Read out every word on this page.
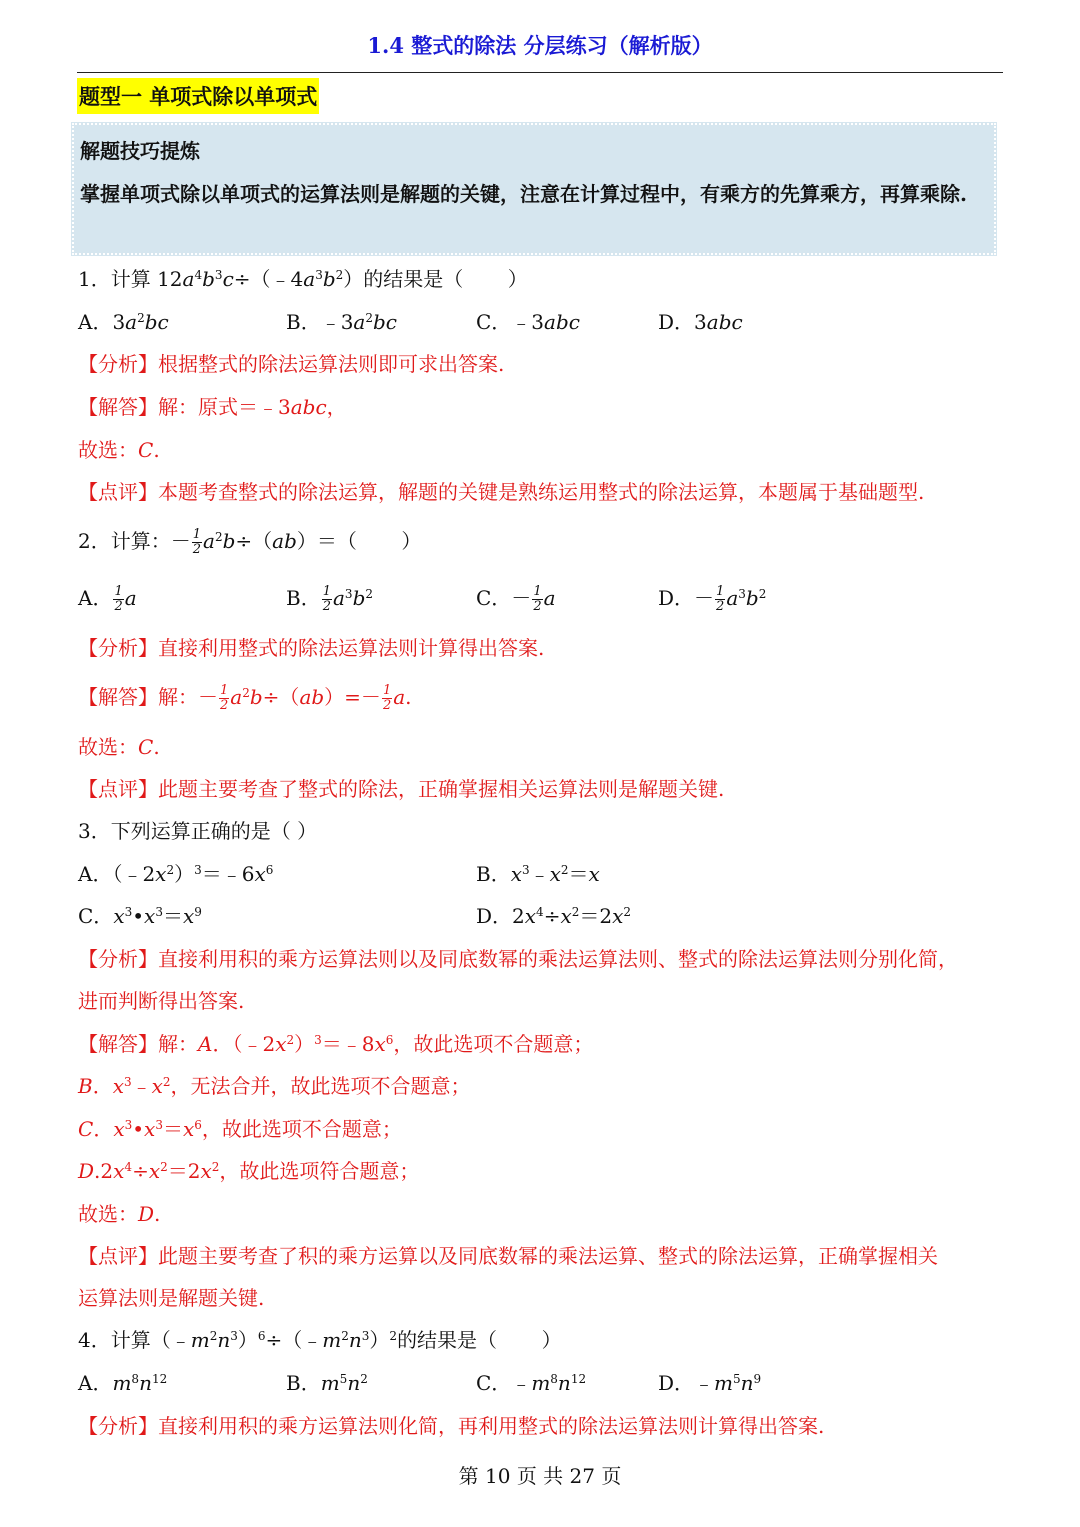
1.4 整式的除法 分层练习（解析版）
题型一 单项式除以单项式
解题技巧提炼
掌握单项式除以单项式的运算法则是解题的关键，注意在计算过程中，有乘方的先算乘方，再算乘除.
1．计算 $12a^4b^3c\div(﹣4a^3b^2)$的结果是（       ）
A．$3a^2bc$	B．$﹣3a^2bc$	C．﹣3abc	D．3abc
【分析】根据整式的除法运算法则即可求出答案.
【解答】解：原式＝﹣3abc，
故选：C.
【点评】本题考查整式的除法运算，解题的关键是熟练运用整式的除法运算，本题属于基础题型.
2．计算：－ $\frac{1}{2} a^2b\div(ab)=$（       ）
A． $\frac{1}{2}$ a	B． $\frac{1}{2} a^3b^2$	C．－ $\frac{1}{2}$ a	D．－ $\frac{1}{2} a^3b^2$
【分析】直接利用整式的除法运算法则计算得出答案.
【解答】解：－ $\frac{1}{2} a^2b\div(ab)=- \frac{1}{2} a$.
故选：C.
【点评】此题主要考查了整式的除法，正确掌握相关运算法则是解题关键.
3．下列运算正确的是（ ）
A．$(﹣2x^2)^3=﹣6x^6$	B．$x^3﹣x^2=x$
C．$x^3•x^3=x^9$	D．$2x^4\div x^2=2x^2$
【分析】直接利用积的乘方运算法则以及同底数幂的乘法运算法则、整式的除法运算法则分别化简，
进而判断得出答案.
【解答】解：A．$(﹣2x^2)^3=﹣8x^6$，故此选项不合题意；
B．$x^3﹣x^2$，无法合并，故此选项不合题意；
C．$x^3•x^3=x^6$，故此选项不合题意；
$D.2x^4\div x^2=2x^2$，故此选项符合题意；
故选：D.
【点评】此题主要考查了积的乘方运算以及同底数幂的乘法运算、整式的除法运算，正确掌握相关
运算法则是解题关键.
4．计算$(﹣m^2n^3)^6\div(﹣m^2n^3)^2$的结果是（       ）
A．$m^8n^{12}$	B．$m^5n^2$	C．$﹣m^8n^{12}$	D．$﹣m^5n^9$
【分析】直接利用积的乘方运算法则化简，再利用整式的除法运算法则计算得出答案.
第 10 页 共 27 页
